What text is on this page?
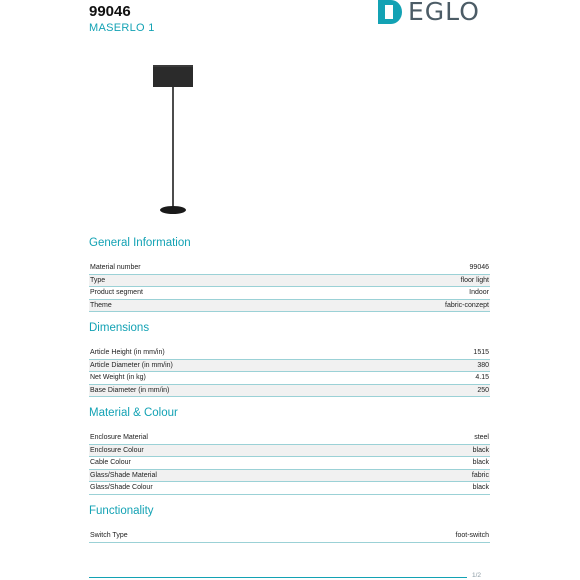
99046
MASERLO 1
EGLO
General Information
Material number	99046
Type	floor light
Product segment	Indoor
Theme	fabric-conzept
Dimensions
Article Height (in mm/in)	1515
Article Diameter (in mm/in)	380
Net Weight (in kg)	4.15
Base Diameter (in mm/in)	250
Material & Colour
Enclosure Material	steel
Enclosure Colour	black
Cable Colour	black
Glass/Shade Material	fabric
Glass/Shade Colour	black
Functionality
Switch Type	foot-switch
1/2
